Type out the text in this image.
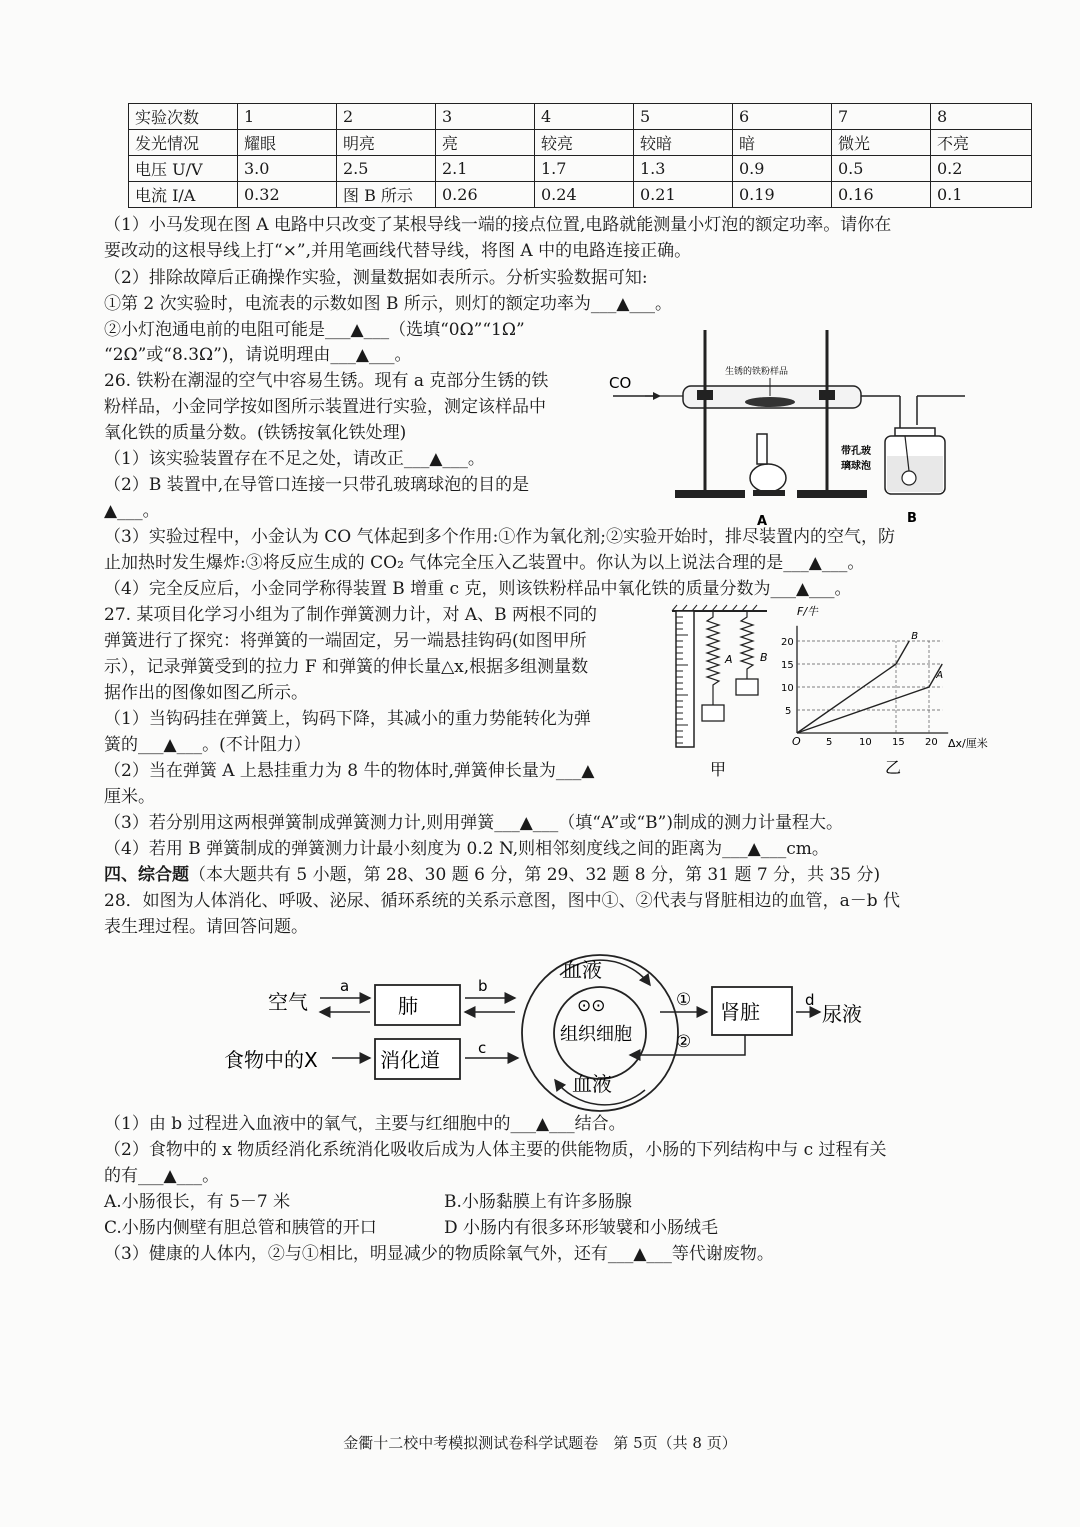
实验次数	1	2	3	4	5	6	7	8
发光情况	耀眼	明亮	亮	较亮	较暗	暗	微光	不亮
电压 U/V	3.0	2.5	2.1	1.7	1.3	0.9	0.5	0.2
电流 I/A	0.32	图 B 所示	0.26	0.24	0.21	0.19	0.16	0.1
（1）小马发现在图 A 电路中只改变了某根导线一端的接点位置,电路就能测量小灯泡的额定功率。请你在
要改动的这根导线上打“×”,并用笔画线代替导线，将图 A 中的电路连接正确。
（2）排除故障后正确操作实验，测量数据如表所示。分析实验数据可知:
①第 2 次实验时，电流表的示数如图 B 所示，则灯的额定功率为___▲___。
②小灯泡通电前的电阻可能是___▲___（选填“0Ω”“1Ω”
“2Ω”或“8.3Ω”)，请说明理由___▲___。
26. 铁粉在潮湿的空气中容易生锈。现有 a 克部分生锈的铁
粉样品，小金同学按如图所示装置进行实验，测定该样品中
氧化铁的质量分数。(铁锈按氧化铁处理)
（1）该实验装置存在不足之处，请改正___▲___。
（2）B 装置中,在导管口连接一只带孔玻璃球泡的目的是
▲___。
（3）实验过程中，小金认为 CO 气体起到多个作用:①作为氧化剂;②实验开始时，排尽装置内的空气，防
止加热时发生爆炸:③将反应生成的 CO₂ 气体完全压入乙装置中。你认为以上说法合理的是___▲___。
（4）完全反应后，小金同学称得装置 B 增重 c 克，则该铁粉样品中氧化铁的质量分数为___▲___。
CO
生锈的铁粉样品
A
带孔玻
璃球泡
B
27. 某项目化学习小组为了制作弹簧测力计，对 A、B 两根不同的
弹簧进行了探究：将弹簧的一端固定，另一端悬挂钩码(如图甲所
示），记录弹簧受到的拉力 F 和弹簧的伸长量△x,根据多组测量数
据作出的图像如图乙所示。
（1）当钩码挂在弹簧上，钩码下降，其减小的重力势能转化为弹
簧的___▲___。(不计阻力）
（2）当在弹簧 A 上悬挂重力为 8 牛的物体时,弹簧伸长量为___▲
厘米。
（3）若分别用这两根弹簧制成弹簧测力计,则用弹簧___▲___（填“A”或“B”)制成的测力计量程大。
（4）若用 B 弹簧制成的弹簧测力计最小刻度为 0.2 N,则相邻刻度线之间的距离为___▲___cm。
A B
甲
5	10 15 20
5
10
15
20
A
B
F/牛
Δx/厘米
O
乙
四、综合题（本大题共有 5 小题，第 28、30 题 6 分，第 29、32 题 8 分，第 31 题 7 分，共 35 分)
28．如图为人体消化、呼吸、泌尿、循环系统的关系示意图，图中①、②代表与肾脏相边的血管，a－b 代
表生理过程。请回答问题。
空气
食物中的X
肺
消化道
a	b
c
血液
血液
⊙⊙
组织细胞
肾脏
①
②
d
尿液
（1）由 b 过程进入血液中的氧气，主要与红细胞中的___▲___结合。
（2）食物中的 x 物质经消化系统消化吸收后成为人体主要的供能物质，小肠的下列结构中与 c 过程有关
的有___▲___。
A.小肠很长，有 5－7 米	B.小肠黏膜上有许多肠腺
C.小肠内侧壁有胆总管和胰管的开口	D 小肠内有很多环形皱襞和小肠绒毛
（3）健康的人体内，②与①相比，明显减少的物质除氧气外，还有___▲___等代谢废物。
金衢十二校中考模拟测试卷科学试题卷　第 5页（共 8 页）
